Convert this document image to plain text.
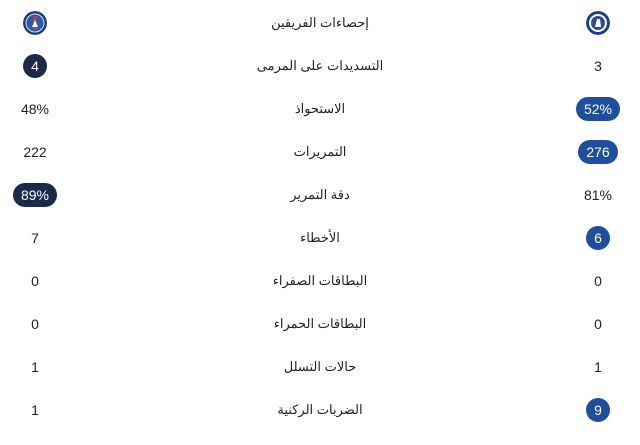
إحصاءات الفريقين
4	التسديدات على المرمى	3
48%	الاستحواذ	52%
222	التمريرات	276
89%	دقة التمرير	81%
7	الأخطاء	6
0	البطاقات الصفراء	0
0	البطاقات الحمراء	0
1	حالات التسلل	1
1	الضربات الركنية	9
